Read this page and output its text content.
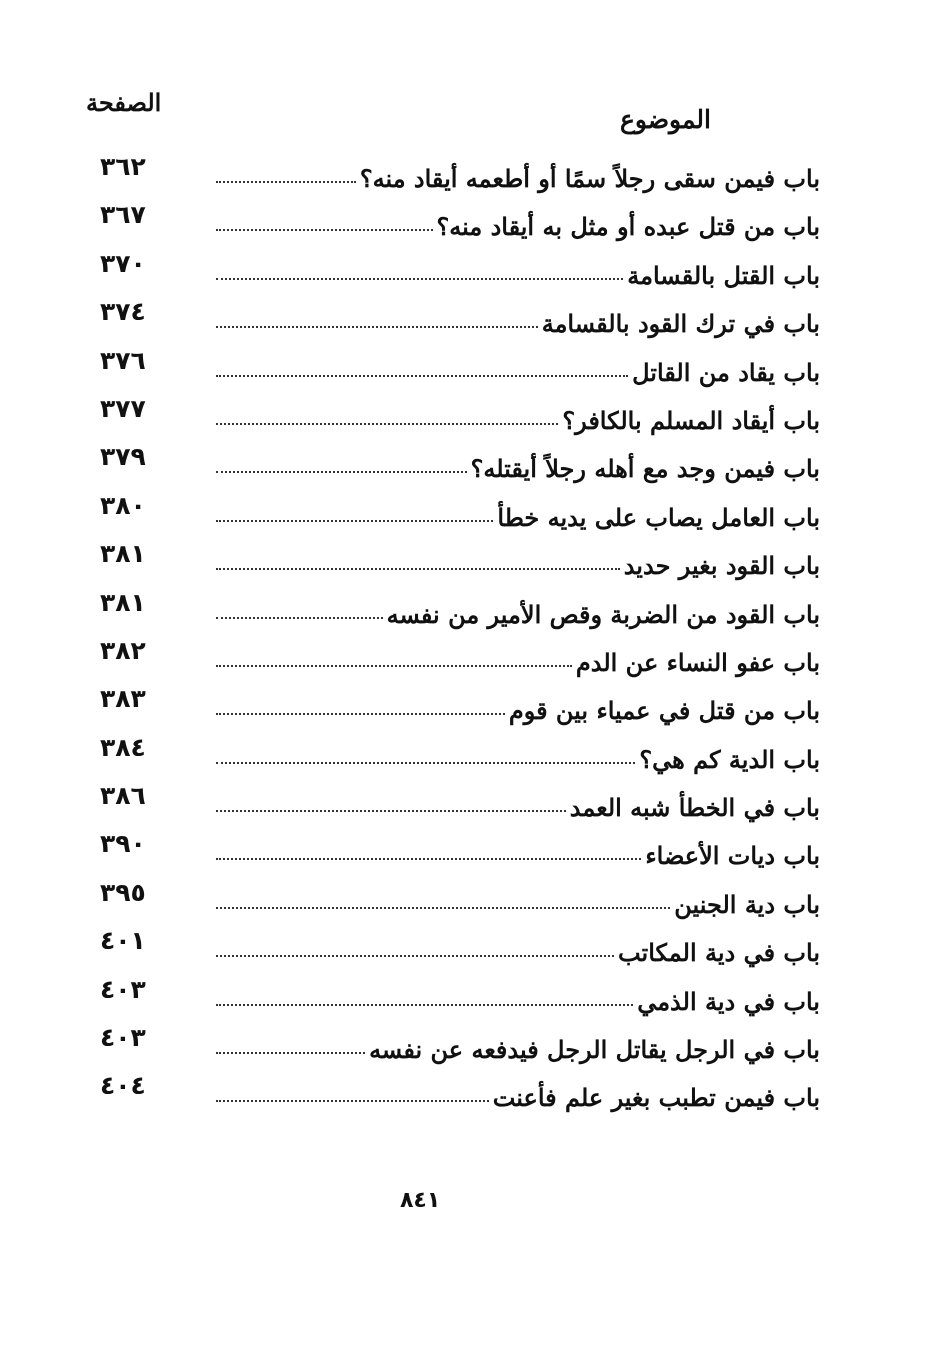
الصفحة
الموضوع
٣٦٢	باب فيمن سقى رجلاً سمًا أو أطعمه أيقاد منه؟
٣٦٧	باب من قتل عبده أو مثل به أيقاد منه؟
٣٧٠	باب القتل بالقسامة
٣٧٤	باب في ترك القود بالقسامة
٣٧٦	باب يقاد من القاتل
٣٧٧	باب أيقاد المسلم بالكافر؟
٣٧٩	باب فيمن وجد مع أهله رجلاً أيقتله؟
٣٨٠	باب العامل يصاب على يديه خطأ
٣٨١	باب القود بغير حديد
٣٨١	باب القود من الضربة وقص الأمير من نفسه
٣٨٢	باب عفو النساء عن الدم
٣٨٣	باب من قتل في عمياء بين قوم
٣٨٤	باب الدية كم هي؟
٣٨٦	باب في الخطأ شبه العمد
٣٩٠	باب ديات الأعضاء
٣٩٥	باب دية الجنين
٤٠١	باب في دية المكاتب
٤٠٣	باب في دية الذمي
٤٠٣	باب في الرجل يقاتل الرجل فيدفعه عن نفسه
٤٠٤	باب فيمن تطبب بغير علم فأعنت
٨٤١
